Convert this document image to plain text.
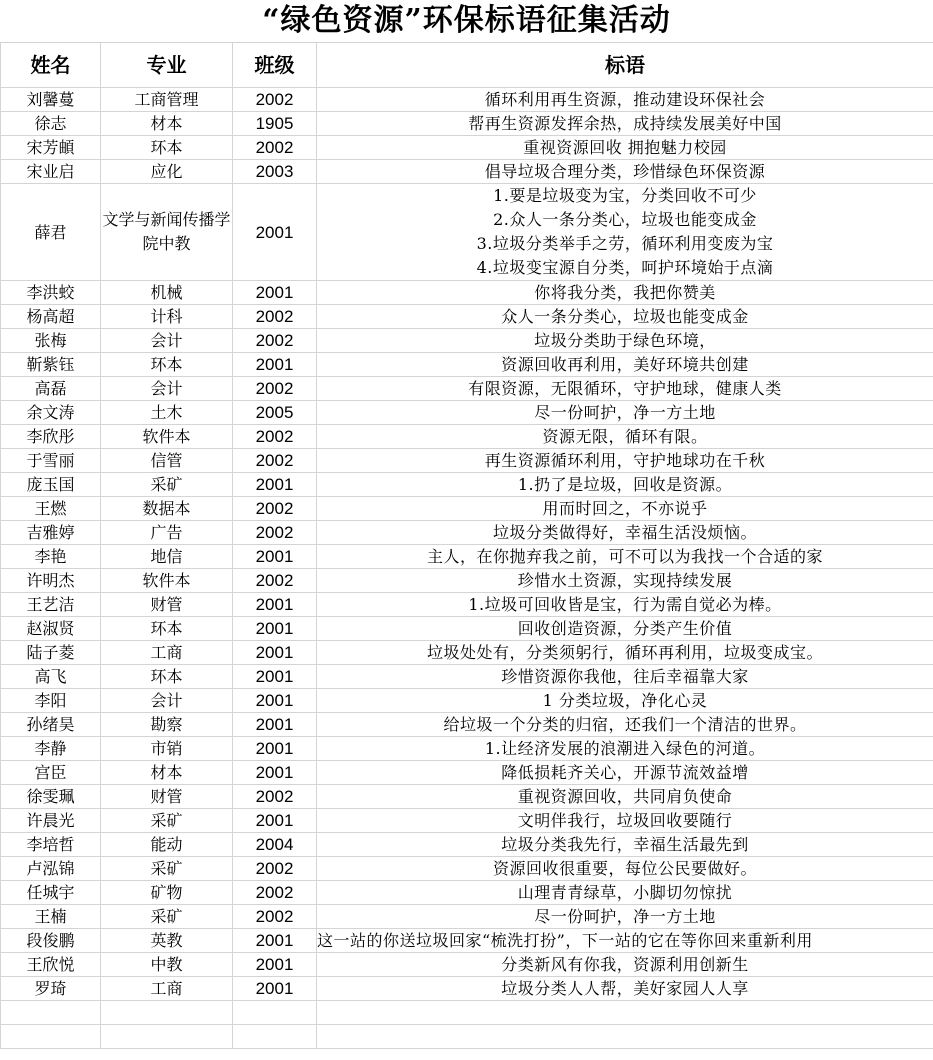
“绿色资源”环保标语征集活动
姓名	专业	班级	标语
刘馨蔓	工商管理	2002	循环利用再生资源，推动建设环保社会
徐志	材本	1905	帮再生资源发挥余热，成持续发展美好中国
宋芳頔	环本	2002	重视资源回收 拥抱魅力校园
宋业启	应化	2003	倡导垃圾合理分类，珍惜绿色环保资源
薛君	文学与新闻传播学院中教	2001	1.要是垃圾变为宝，分类回收不可少
2.众人一条分类心，垃圾也能变成金
3.垃圾分类举手之劳，循环利用变废为宝
4.垃圾变宝源自分类，呵护环境始于点滴

李洪蛟	机械	2001	你将我分类，我把你赞美
杨高超	计科	2002	众人一条分类心，垃圾也能变成金
张梅	会计	2002	垃圾分类助于绿色环境，
靳紫钰	环本	2001	资源回收再利用，美好环境共创建
高磊	会计	2002	有限资源，无限循环，守护地球，健康人类
余文涛	土木	2005	尽一份呵护，净一方土地
李欣彤	软件本	2002	资源无限，循环有限。
于雪丽	信管	2002	再生资源循环利用，守护地球功在千秋
庞玉国	采矿	2001	1.扔了是垃圾，回收是资源。
王燃	数据本	2002	用而时回之，不亦说乎
吉雅婷	广告	2002	垃圾分类做得好，幸福生活没烦恼。
李艳	地信	2001	主人，在你抛弃我之前，可不可以为我找一个合适的家
许明杰	软件本	2002	珍惜水土资源，实现持续发展
王艺洁	财管	2001	1.垃圾可回收皆是宝，行为需自觉必为棒。
赵淑贤	环本	2001	回收创造资源，分类产生价值
陆子菱	工商	2001	垃圾处处有，分类须躬行，循环再利用，垃圾变成宝。
高飞	环本	2001	珍惜资源你我他，往后幸福靠大家
李阳	会计	2001	1 分类垃圾，净化心灵
孙绪昊	勘察	2001	给垃圾一个分类的归宿，还我们一个清洁的世界。
李静	市销	2001	1.让经济发展的浪潮进入绿色的河道。
宫臣	材本	2001	降低损耗齐关心，开源节流效益增
徐雯珮	财管	2002	重视资源回收，共同肩负使命
许晨光	采矿	2001	文明伴我行，垃圾回收要随行
李培哲	能动	2004	垃圾分类我先行，幸福生活最先到
卢泓锦	采矿	2002	资源回收很重要，每位公民要做好。
任城宇	矿物	2002	山理青青绿草，小脚切勿惊扰
王楠	采矿	2002	尽一份呵护，净一方土地
段俊鹏	英教	2001	这一站的你送垃圾回家“梳洗打扮”，下一站的它在等你回来重新利用
王欣悦	中教	2001	分类新风有你我，资源利用创新生
罗琦	工商	2001	垃圾分类人人帮，美好家园人人享
